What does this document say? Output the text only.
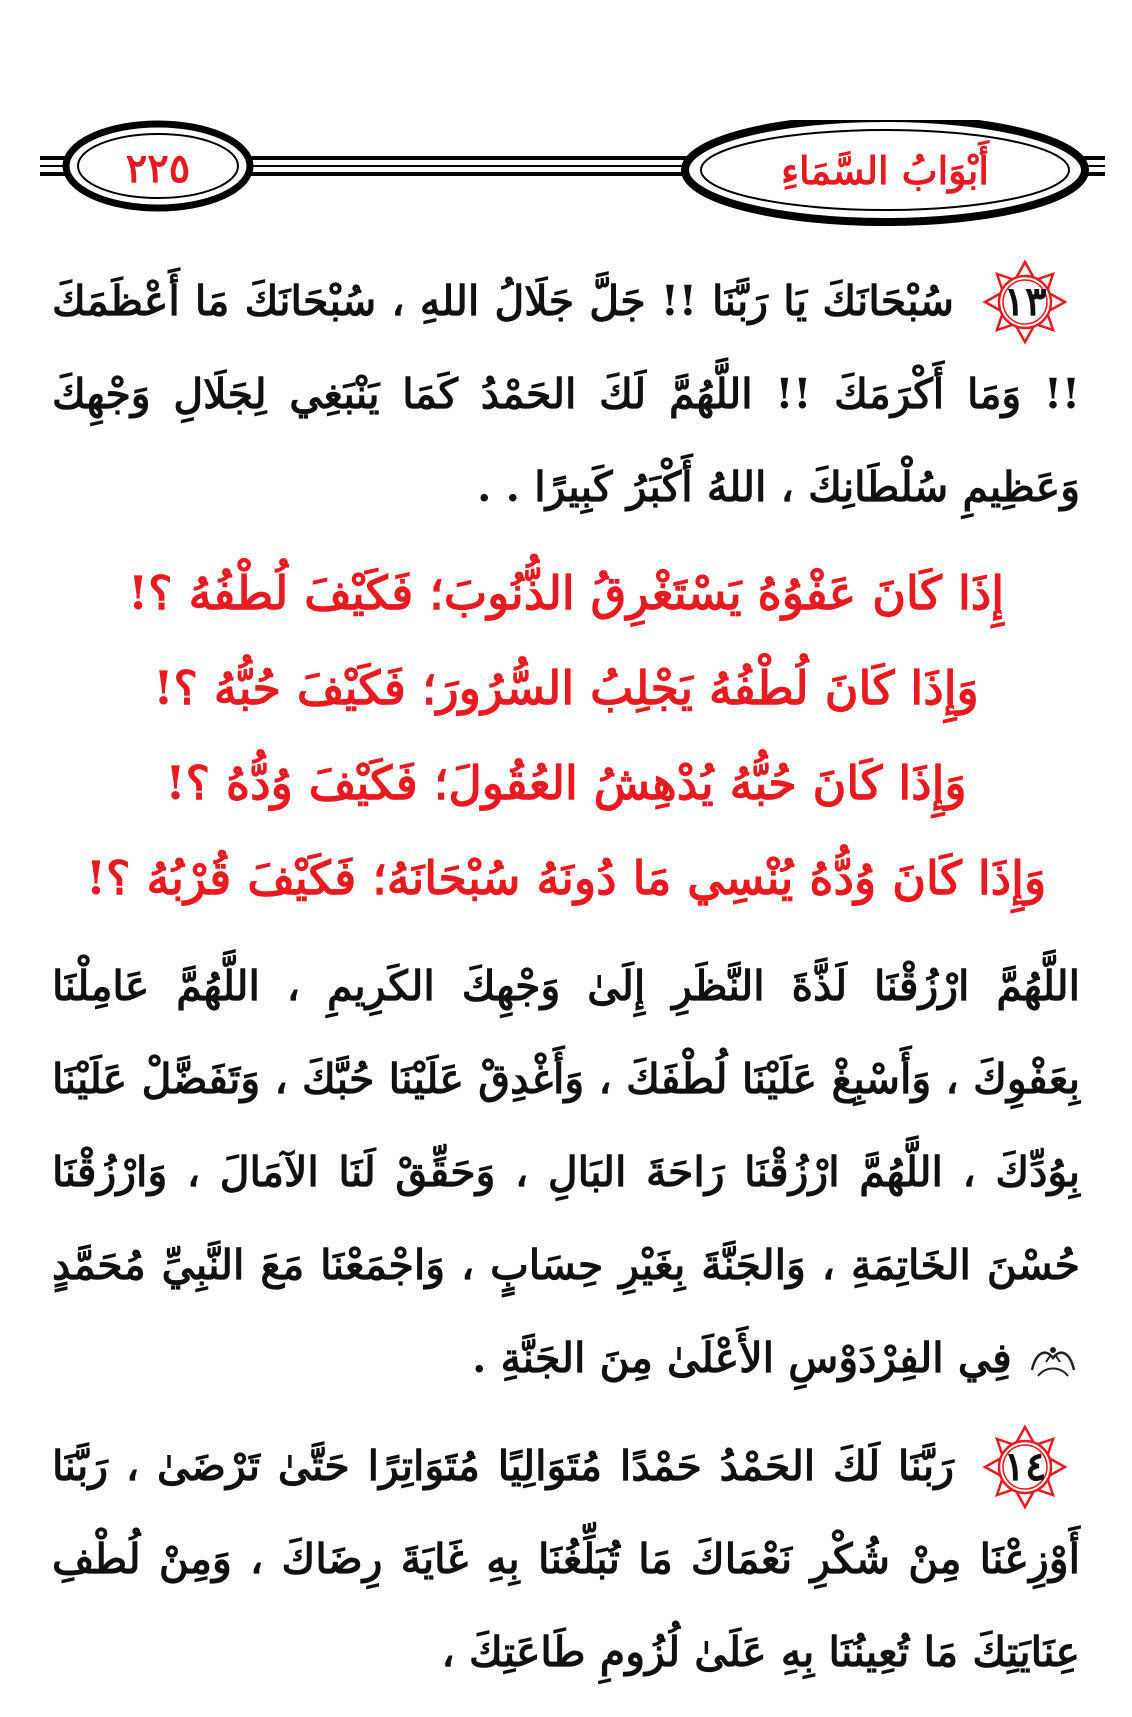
أَبْوَابُ السَّمَاءِ
٢٢٥
١٣
سُبْحَانَكَ يَا رَبَّنَا !! جَلَّ جَلَالُ اللهِ ، سُبْحَانَكَ مَا أَعْظَمَكَ !! وَمَا أَكْرَمَكَ !! اللَّهُمَّ لَكَ الحَمْدُ كَمَا يَنْبَغِي لِجَلَالِ وَجْهِكَ وَعَظِيمِ سُلْطَانِكَ ، اللهُ أَكْبَرُ كَبِيرًا . .
إِذَا كَانَ عَفْوُهُ يَسْتَغْرِقُ الذُّنُوبَ؛ فَكَيْفَ لُطْفُهُ ؟!
وَإِذَا كَانَ لُطْفُهُ يَجْلِبُ السُّرُورَ؛ فَكَيْفَ حُبُّهُ ؟!
وَإِذَا كَانَ حُبُّهُ يُدْهِشُ العُقُولَ؛ فَكَيْفَ وُدُّهُ ؟!
وَإِذَا كَانَ وُدُّهُ يُنْسِي مَا دُونَهُ سُبْحَانَهُ؛ فَكَيْفَ قُرْبُهُ ؟!
اللَّهُمَّ ارْزُقْنَا لَذَّةَ النَّظَرِ إِلَىٰ وَجْهِكَ الكَرِيمِ ، اللَّهُمَّ عَامِلْنَا بِعَفْوِكَ ، وَأَسْبِغْ عَلَيْنَا لُطْفَكَ ، وَأَغْدِقْ عَلَيْنَا حُبَّكَ ، وَتَفَضَّلْ عَلَيْنَا بِوُدِّكَ ، اللَّهُمَّ ارْزُقْنَا رَاحَةَ البَالِ ، وَحَقِّقْ لَنَا الآمَالَ ، وَارْزُقْنَا حُسْنَ الخَاتِمَةِ ، وَالجَنَّةَ بِغَيْرِ حِسَابٍ ، وَاجْمَعْنَا مَعَ النَّبِيِّ مُحَمَّدٍ  فِي الفِرْدَوْسِ الأَعْلَىٰ مِنَ الجَنَّةِ .
١٤
رَبَّنَا لَكَ الحَمْدُ حَمْدًا مُتَوَالِيًا مُتَوَاتِرًا حَتَّىٰ تَرْضَىٰ ، رَبَّنَا أَوْزِعْنَا مِنْ شُكْرِ نَعْمَاكَ مَا تُبَلِّغُنَا بِهِ غَايَةَ رِضَاكَ ، وَمِنْ لُطْفِ عِنَايَتِكَ مَا تُعِينُنَا بِهِ عَلَىٰ لُزُومِ طَاعَتِكَ ،
